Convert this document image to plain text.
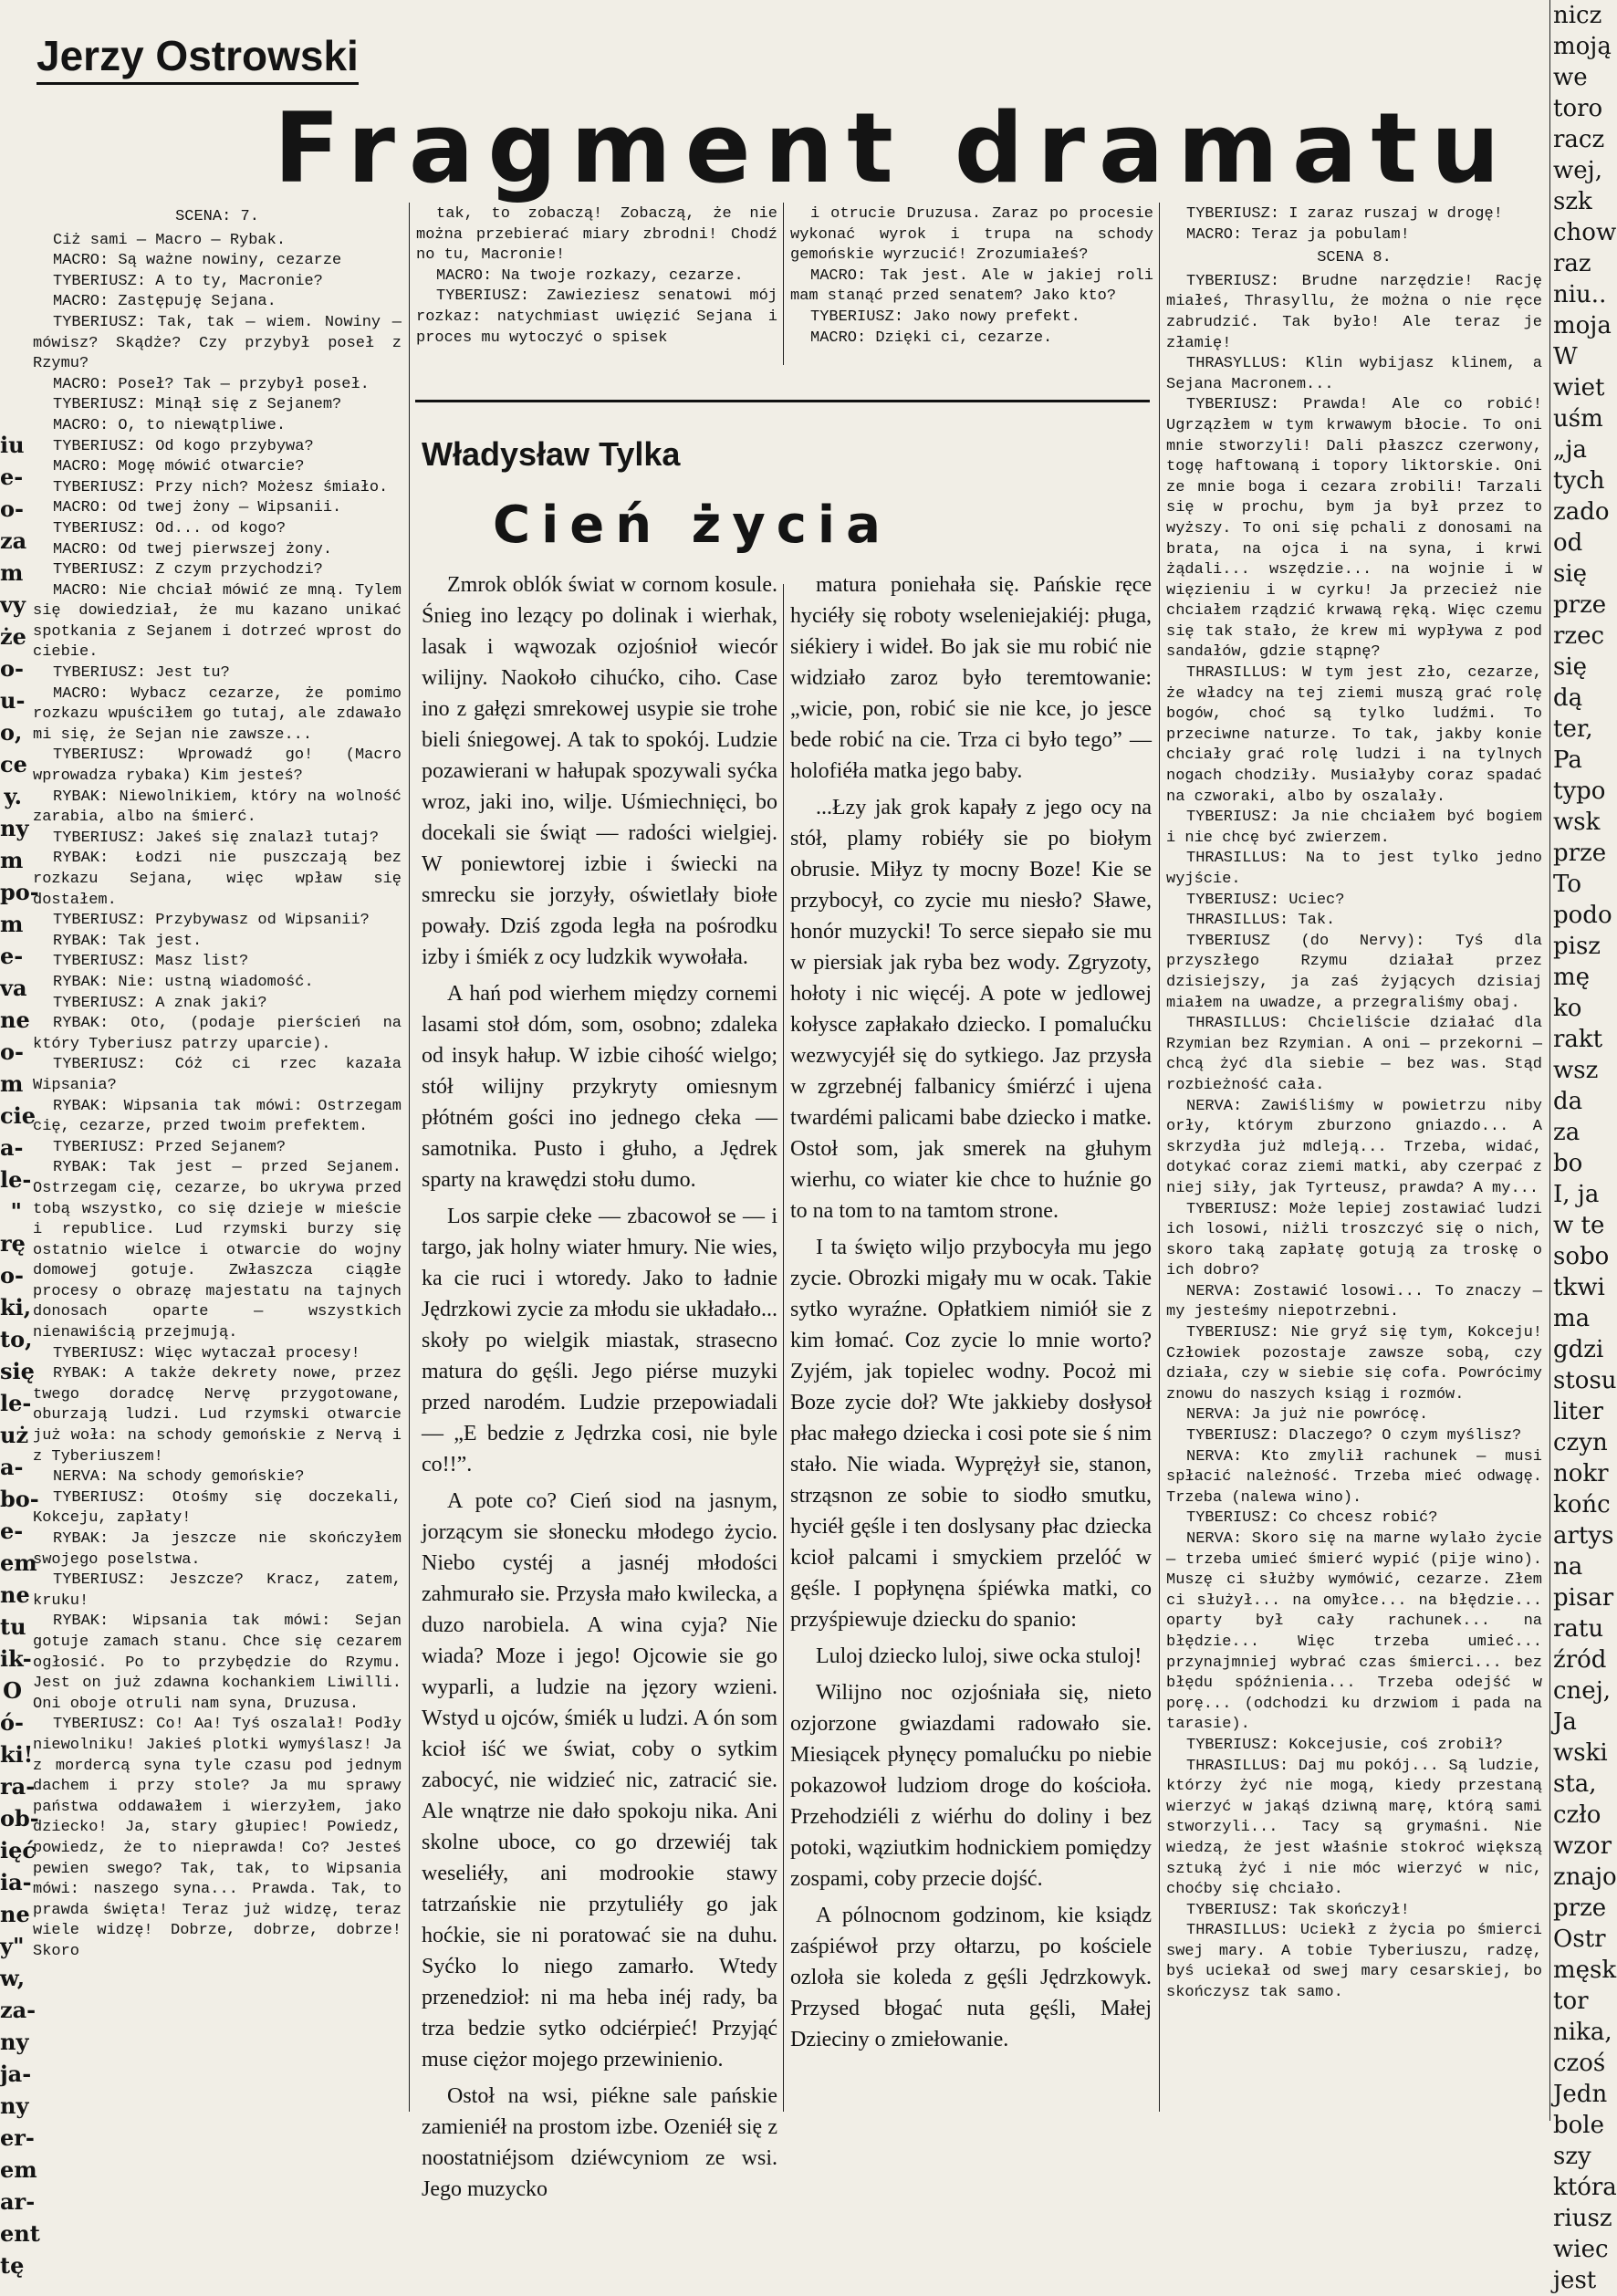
iu
e-
o-
za
m
vy
że
o-
u-
o,
ce
y.
ny
m
po-
m
e-
va
ne
o-
m
cie
a-
le-
"
rę
o-
ki,
to,
się
le-
uż
a-
bo-
e-
em
ne
tu
ik-
O
ó-
ki!
ra-
ob-
ięć
ia-
ne
y"
w,
za-
ny
ja-
ny
er-
em
ar-
ent
tę
nicz
moją
we
toro
racz
wej,
szk
chow
raz
niu..
moja
W
wiet
uśm
„ja
tych
zado
od
się
prze
rzec
się
dą
ter,
Pa
typo
wsk
prze
To
podo
pisz
mę
ko
rakt
wsz
da
za
bo
I, ja
w te
sobo
tkwi
ma
gdzi
stosu
liter
czyn
nokr
końc
artys
na
pisar
ratu
źród
cnej,
Ja
wski
sta,
czło
wzor
znajo
prze
Ostr
męsk
tor
nika,
czoś
Jedn
bole
szy
która
riusz
wiec
jest
Jerzy Ostrowski
Fragment dramatu

SCENA: 7.

Ciż sami — Macro — Rybak.

MACRO: Są ważne nowiny, cezarze

TYBERIUSZ: A to ty, Macronie?

MACRO: Zastępuję Sejana.

TYBERIUSZ: Tak, tak — wiem. Nowiny — mówisz? Skądże? Czy przybył poseł z Rzymu?

MACRO: Poseł? Tak — przybył poseł.

TYBERIUSZ: Minął się z Sejanem?

MACRO: O, to niewątpliwe.

TYBERIUSZ: Od kogo przybywa?

MACRO: Mogę mówić otwarcie?

TYBERIUSZ: Przy nich? Możesz śmiało.

MACRO: Od twej żony — Wipsanii.

TYBERIUSZ: Od... od kogo?

MACRO: Od twej pierwszej żony.

TYBERIUSZ: Z czym przychodzi?

MACRO: Nie chciał mówić ze mną. Tylem się dowiedział, że mu kazano unikać spotkania z Sejanem i dotrzeć wprost do ciebie.

TYBERIUSZ: Jest tu?

MACRO: Wybacz cezarze, że pomimo rozkazu wpuściłem go tutaj, ale zdawało mi się, że Sejan nie zawsze...

TYBERIUSZ: Wprowadź go! (Macro wprowadza rybaka) Kim jesteś?

RYBAK: Niewolnikiem, który na wolność zarabia, albo na śmierć.

TYBERIUSZ: Jakeś się znalazł tutaj?

RYBAK: Łodzi nie puszczają bez rozkazu Sejana, więc wpław się dostałem.

TYBERIUSZ: Przybywasz od Wipsanii?

RYBAK: Tak jest.

TYBERIUSZ: Masz list?

RYBAK: Nie: ustną wiadomość.

TYBERIUSZ: A znak jaki?

RYBAK: Oto, (podaje pierścień na który Tyberiusz patrzy uparcie).

TYBERIUSZ: Cóż ci rzec kazała Wipsania?

RYBAK: Wipsania tak mówi: Ostrzegam cię, cezarze, przed twoim prefektem.

TYBERIUSZ: Przed Sejanem?

RYBAK: Tak jest — przed Sejanem. Ostrzegam cię, cezarze, bo ukrywa przed tobą wszystko, co się dzieje w mieście i republice. Lud rzymski burzy się ostatnio wielce i otwarcie do wojny domowej gotuje. Zwłaszcza ciągłe procesy o obrazę majestatu na tajnych donosach oparte — wszystkich nienawiścią przejmują.

TYBERIUSZ: Więc wytaczał procesy!

RYBAK: A także dekrety nowe, przez twego doradcę Nervę przygotowane, oburzają ludzi. Lud rzymski otwarcie już woła: na schody gemońskie z Nervą i z Tyberiuszem!

NERVA: Na schody gemońskie?

TYBERIUSZ: Otośmy się doczekali, Kokceju, zapłaty!

RYBAK: Ja jeszcze nie skończyłem swojego poselstwa.

TYBERIUSZ: Jeszcze? Kracz, zatem, kruku!

RYBAK: Wipsania tak mówi: Sejan gotuje zamach stanu. Chce się cezarem ogłosić. Po to przybędzie do Rzymu. Jest on już zdawna kochankiem Liwilli. Oni oboje otruli nam syna, Druzusa.

TYBERIUSZ: Co! Aa! Tyś oszalał! Podły niewolniku! Jakieś plotki wymyślasz! Ja z mordercą syna tyle czasu pod jednym dachem i przy stole? Ja mu sprawy państwa oddawałem i wierzyłem, jako dziecko! Ja, stary głupiec! Powiedz, powiedz, że to nieprawda! Co? Jesteś pewien swego? Tak, tak, to Wipsania mówi: naszego syna... Prawda. Tak, to prawda święta! Teraz już widzę, teraz wiele widzę! Dobrze, dobrze, dobrze! Skoro

tak, to zobaczą! Zobaczą, że nie można przebierać miary zbrodni! Chodź no tu, Macronie!

MACRO: Na twoje rozkazy, cezarze.

TYBERIUSZ: Zawieziesz senatowi mój rozkaz: natychmiast uwięzić Sejana i proces mu wytoczyć o spisek

i otrucie Druzusa. Zaraz po procesie wykonać wyrok i trupa na schody gemońskie wyrzucić! Zrozumiałeś?

MACRO: Tak jest. Ale w jakiej roli mam stanąć przed senatem? Jako kto?

TYBERIUSZ: Jako nowy prefekt.

MACRO: Dzięki ci, cezarze.

TYBERIUSZ: I zaraz ruszaj w drogę!

MACRO: Teraz ja pobulam!

SCENA 8.

TYBERIUSZ: Brudne narzędzie! Rację miałeś, Thrasyllu, że można o nie ręce zabrudzić. Tak było! Ale teraz je złamię!

THRASYLLUS: Klin wybijasz klinem, a Sejana Macronem...

TYBERIUSZ: Prawda! Ale co robić! Ugrzązłem w tym krwawym błocie. To oni mnie stworzyli! Dali płaszcz czerwony, togę haftowaną i topory liktorskie. Oni ze mnie boga i cezara zrobili! Tarzali się w prochu, bym ja był przez to wyższy. To oni się pchali z donosami na brata, na ojca i na syna, i krwi żądali... wszędzie... na wojnie i w więzieniu i w cyrku! Ja przecież nie chciałem rządzić krwawą ręką. Więc czemu się tak stało, że krew mi wypływa z pod sandałów, gdzie stąpnę?

THRASILLUS: W tym jest zło, cezarze, że władcy na tej ziemi muszą grać rolę bogów, choć są tylko ludźmi. To przeciwne naturze. To tak, jakby konie chciały grać rolę ludzi i na tylnych nogach chodziły. Musiałyby coraz spadać na czworaki, albo by oszalały.

TYBERIUSZ: Ja nie chciałem być bogiem i nie chcę być zwierzem.

THRASILLUS: Na to jest tylko jedno wyjście.

TYBERIUSZ: Uciec?

THRASILLUS: Tak.

TYBERIUSZ (do Nervy): Tyś dla przyszłego Rzymu działał przez dzisiejszy, ja zaś żyjących dzisiaj miałem na uwadze, a przegraliśmy obaj.

THRASILLUS: Chcieliście działać dla Rzymian bez Rzymian. A oni — przekorni — chcą żyć dla siebie — bez was. Stąd rozbieżność cała.

NERVA: Zawiśliśmy w powietrzu niby orły, którym zburzono gniazdo... A skrzydła już mdleją... Trzeba, widać, dotykać coraz ziemi matki, aby czerpać z niej siły, jak Tyrteusz, prawda? A my...

TYBERIUSZ: Może lepiej zostawiać ludzi ich losowi, niżli troszczyć się o nich, skoro taką zapłatę gotują za troskę o ich dobro?

NERVA: Zostawić losowi... To znaczy — my jesteśmy niepotrzebni.

TYBERIUSZ: Nie gryź się tym, Kokceju! Człowiek pozostaje zawsze sobą, czy działa, czy w siebie się cofa. Powrócimy znowu do naszych ksiąg i rozmów.

NERVA: Ja już nie powrócę.

TYBERIUSZ: Dlaczego? O czym myślisz?

NERVA: Kto zmylił rachunek — musi spłacić należność. Trzeba mieć odwagę. Trzeba (nalewa wino).

TYBERIUSZ: Co chcesz robić?

NERVA: Skoro się na marne wylało życie — trzeba umieć śmierć wypić (pije wino). Muszę ci służby wymówić, cezarze. Złem ci służył... na omyłce... na błędzie... oparty był cały rachunek... na błędzie... Więc trzeba umieć... przynajmniej wybrać czas śmierci... bez błędu spóźnienia... Trzeba odejść w porę... (odchodzi ku drzwiom i pada na tarasie).

TYBERIUSZ: Kokcejusie, coś zrobił?

THRASILLUS: Daj mu pokój... Są ludzie, którzy żyć nie mogą, kiedy przestaną wierzyć w jakąś dziwną marę, którą sami stworzyli... Tacy są grymaśni. Nie wiedzą, że jest właśnie stokroć większą sztuką żyć i nie móc wierzyć w nic, choćby się chciało.

TYBERIUSZ: Tak skończył!

THRASILLUS: Uciekł z życia po śmierci swej mary. A tobie Tyberiuszu, radzę, byś uciekał od swej mary cesarskiej, bo skończysz tak samo.

Władysław Tylka
Cień życia

Zmrok oblók świat w cornom kosule. Śnieg ino lezący po dolinak i wierhak, lasak i wąwozak ozjośnioł wiecór wilijny. Naokoło cihućko, ciho. Case ino z gałęzi smrekowej usypie sie trohe bieli śniegowej. A tak to spokój. Ludzie pozawierani w hałupak spozywali syćka wroz, jaki ino, wilje. Uśmiechnięci, bo docekali sie świąt — radości wielgiej. W poniewtorej izbie i świecki na smrecku sie jorzyły, oświetlały biołe powały. Dziś zgoda legła na pośrodku izby i śmiék z ocy ludzkik wywołała.

A hań pod wierhem między cornemi lasami stoł dóm, som, osobno; zdaleka od insyk hałup. W izbie cihość wielgo; stół wilijny przykryty omiesnym płótném gości ino jednego cłeka — samotnika. Pusto i głuho, a Jędrek sparty na krawędzi stołu dumo.

Los sarpie cłeke — zbacowoł se — i targo, jak holny wiater hmury. Nie wies, ka cie ruci i wtoredy. Jako to ładnie Jędrzkowi zycie za młodu sie układało... skoły po wielgik miastak, strasecno matura do gęśli. Jego piérse muzyki przed narodém. Ludzie przepowiadali — „E bedzie z Jędrzka cosi, nie byle co!!”.

A pote co? Cień siod na jasnym, jorzącym sie słonecku młodego życio. Niebo cystéj a jasnéj młodości zahmurało sie. Przysła mało kwilecka, a duzo narobiela. A wina cyja? Nie wiada? Moze i jego! Ojcowie sie go wyparli, a ludzie na jęzory wzieni. Wstyd u ojców, śmiék u ludzi. A ón som kcioł iść we świat, coby o sytkim zabocyć, nie widzieć nic, zatracić sie. Ale wnątrze nie dało spokoju nika. Ani skolne uboce, co go drzewiéj tak weseliéły, ani modrookie stawy tatrzańskie nie przytuliéły go jak hoćkie, sie ni poratować sie na duhu. Syćko lo niego zamarło. Wtedy przenedzioł: ni ma heba inéj rady, ba trza bedzie sytko odciérpieć! Przyjąć muse ciężor mojego przewinienio.

Ostoł na wsi, piékne sale pańskie zamieniéł na prostom izbe. Ozeniéł się z noostatniéjsom dziéwcyniom ze wsi. Jego muzycko

matura poniehała się. Pańskie ręce hyciéły się roboty wseleniejakiéj: pługa, siékiery i wideł. Bo jak sie mu robić nie widziało zaroz było teremtowanie: „wicie, pon, robić sie nie kce, jo jesce bede robić na cie. Trza ci było tego” — holofiéła matka jego baby.

...Łzy jak grok kapały z jego ocy na stół, plamy robiéły sie po biołym obrusie. Miłyz ty mocny Boze! Kie se przybocył, co zycie mu niesło? Sławe, honór muzycki! To serce siepało sie mu w piersiak jak ryba bez wody. Zgryzoty, hołoty i nic więcéj. A pote w jedlowej kołysce zapłakało dziecko. I pomalućku wezwycyjéł się do sytkiego. Jaz przysła w zgrzebnéj falbanicy śmiérzć i ujena twardémi palicami babe dziecko i matke. Ostoł som, jak smerek na głuhym wierhu, co wiater kie chce to huźnie go to na tom to na tamtom strone.

I ta święto wiljo przybocyła mu jego zycie. Obrozki migały mu w ocak. Takie sytko wyraźne. Opłatkiem nimiół sie z kim łomać. Coz zycie lo mnie worto? Zyjém, jak topielec wodny. Pocoż mi Boze zycie doł? Wte jakkieby dosłysoł płac małego dziecka i cosi pote sie ś nim stało. Nie wiada. Wyprężył sie, stanon, strząsnon ze sobie to siodło smutku, hyciéł gęśle i ten doslysany płac dziecka kcioł palcami i smyckiem przelóć w gęśle. I popłynęna śpiéwka matki, co przyśpiewuje dziecku do spanio:

Luloj dziecko luloj, siwe ocka stuloj!

Wilijno noc ozjośniała się, nieto ozjorzone gwiazdami radowało sie. Miesiącek płynęcy pomalućku po niebie pokazowoł ludziom droge do kościoła. Przehodziéli z wiérhu do doliny i bez potoki, wąziutkim hodnickiem pomiędzy zospami, coby przecie dojść.

A pólnocnom godzinom, kie ksiądz zaśpiéwoł przy ołtarzu, po kościele ozloła sie koleda z gęśli Jędrzkowyk. Przysed błogać nuta gęśli, Małej Dzieciny o zmiełowanie.
